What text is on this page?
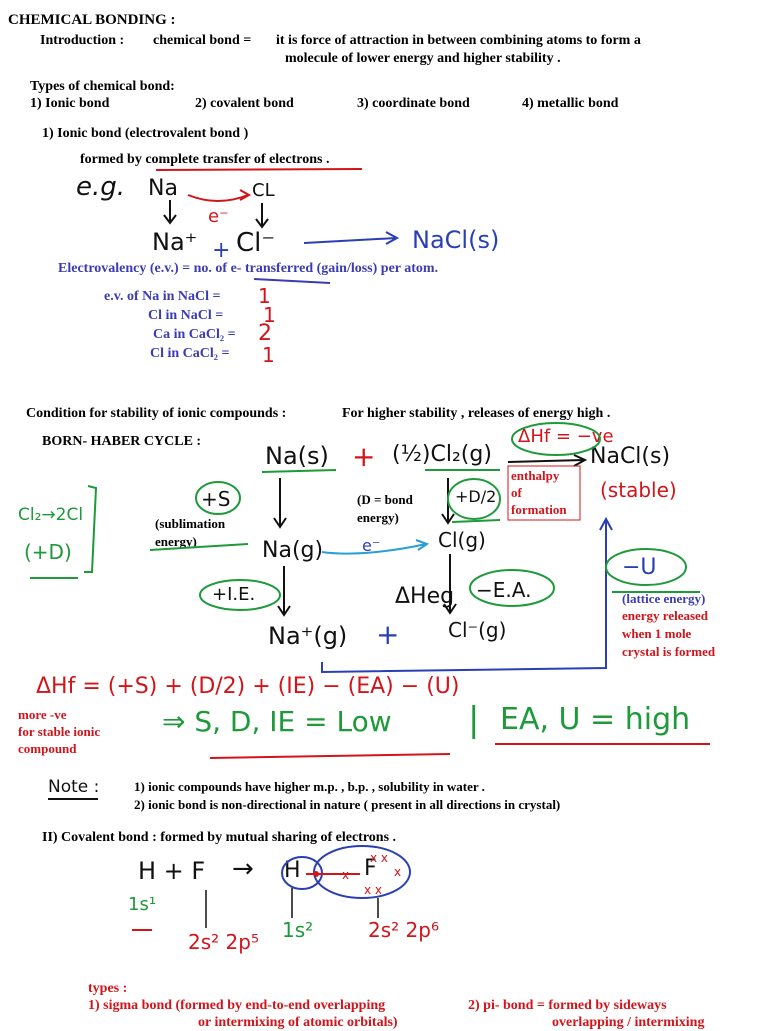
CHEMICAL BONDING :
Introduction : chemical bond = it is force of attraction in between combining atoms to form a
molecule of lower energy and higher stability .
Types of chemical bond:
1) Ionic bond	2) covalent bond	3) coordinate bond	4) metallic bond
1) Ionic bond (electrovalent bond )
formed by complete transfer of electrons .
e.g. Na	CL
e⁻
Na⁺ + Cl⁻	NaCl(s)
Electrovalency (e.v.) = no. of e- transferred (gain/loss) per atom.
e.v. of Na in NaCl = 1
Cl in NaCl = 1
Ca in CaCl₂ = 2
Cl in CaCl₂ = 1
Condition for stability of ionic compounds :	For higher stability , releases of energy high .
BORN- HABER CYCLE :
Na(s) + (½)Cl₂(g)
ΔHf = −ve
NaCl(s)
(stable)
enthalpy
of
formation
+S
(sublimation
energy)
(D = bond
energy)
+D/2
Cl₂→2Cl
(+D)	Na(g) e⁻	Cl(g)
+I.E.	ΔHeg −E.A.
−U
(lattice energy)
energy released
when 1 mole
crystal is formed
Na⁺(g) + Cl⁻(g)
ΔHf = (+S) + (D/2) + (IE) − (EA) − (U)
more -ve
for stable ionic
compound
⇒ S, D, IE = Low | EA, U = high
Note :	1) ionic compounds have higher m.p. , b.p. , solubility in water .
2) ionic bond is non-directional in nature ( present in all directions in crystal)
II) Covalent bond : formed by mutual sharing of electrons .
H + F → H	F
1s¹
2s² 2p⁵ 1s²	2s² 2p⁶
types :
1) sigma bond (formed by end-to-end overlapping
or intermixing of atomic orbitals)
2) pi- bond = formed by sideways
overlapping / intermixing
x x
x
x x
x
